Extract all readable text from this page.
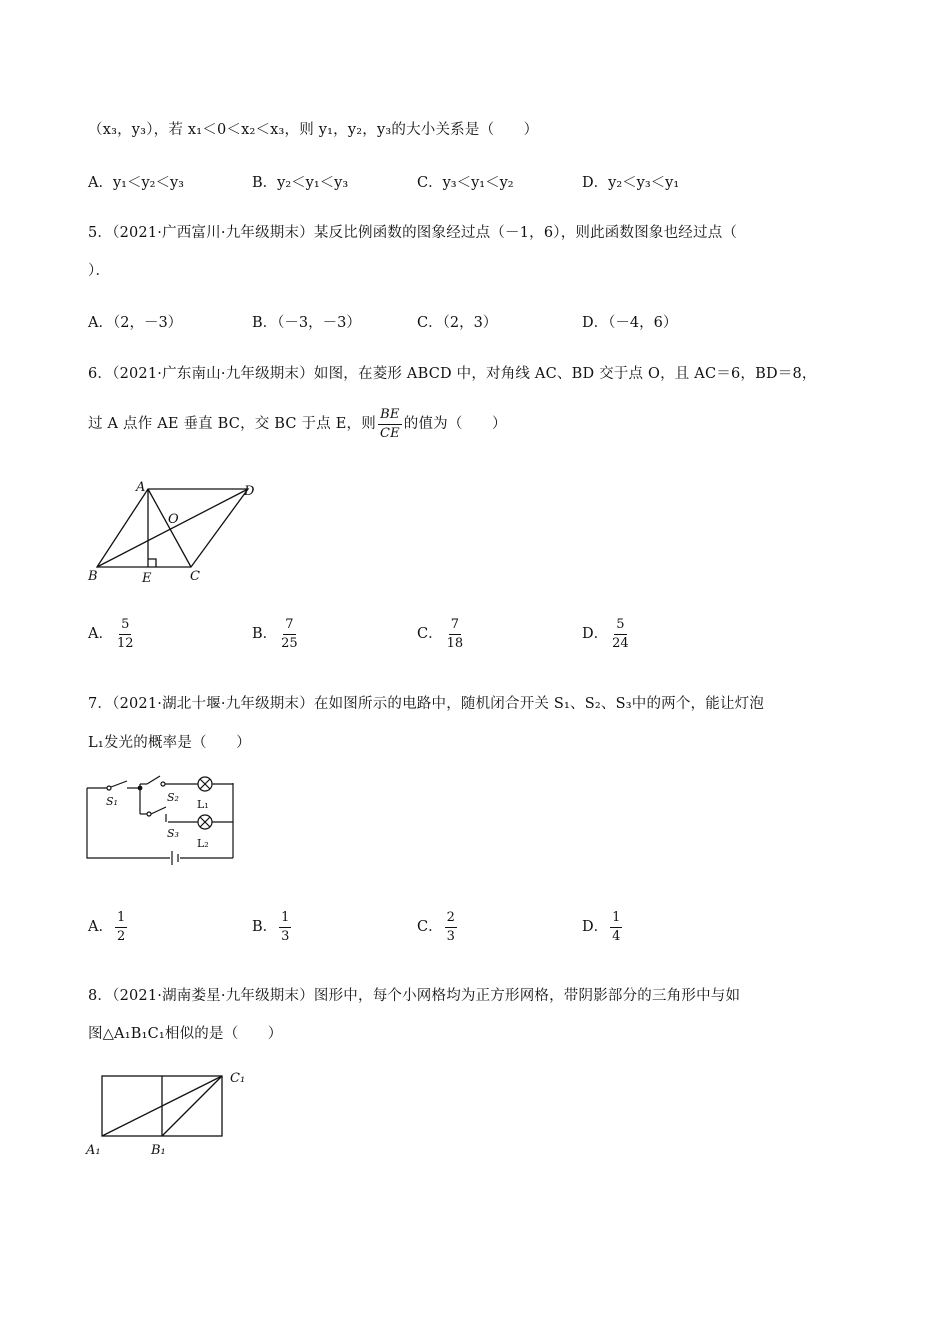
（x₃，y₃），若 x₁＜0＜x₂＜x₃，则 y₁，y₂，y₃的大小关系是（　　）
A．y₁＜y₂＜y₃	B．y₂＜y₁＜y₃	C．y₃＜y₁＜y₂	D．y₂＜y₃＜y₁
5．（2021·广西富川·九年级期末）某反比例函数的图象经过点（－1，6），则此函数图象也经过点（
）．
A．（2，－3）	B．（－3，－3）	C．（2，3）	D．（－4，6）
6．（2021·广东南山·九年级期末）如图，在菱形 ABCD 中，对角线 AC、BD 交于点 O，且 AC＝6，BD＝8，
过 A 点作 AE 垂直 BC，交 BC 于点 E，则 $\frac{BE}{CE}$ 的值为（　　）
A	D
O
B	E	C
A． $\frac{5}{12}$	B． $\frac{7}{25}$	C． $\frac{7}{18}$	D． $\frac{5}{24}$
7．（2021·湖北十堰·九年级期末）在如图所示的电路中，随机闭合开关 S₁、S₂、S₃中的两个，能让灯泡
L₁发光的概率是（　　）
S₁	S₂
L₁
S₃
L₂
A． $\frac{1}{2}$	B． $\frac{1}{3}$	C． $\frac{2}{3}$	D． $\frac{1}{4}$
8．（2021·湖南娄星·九年级期末）图形中，每个小网格均为正方形网格，带阴影部分的三角形中与如
图△A₁B₁C₁相似的是（　　）
A₁	B₁
C₁
